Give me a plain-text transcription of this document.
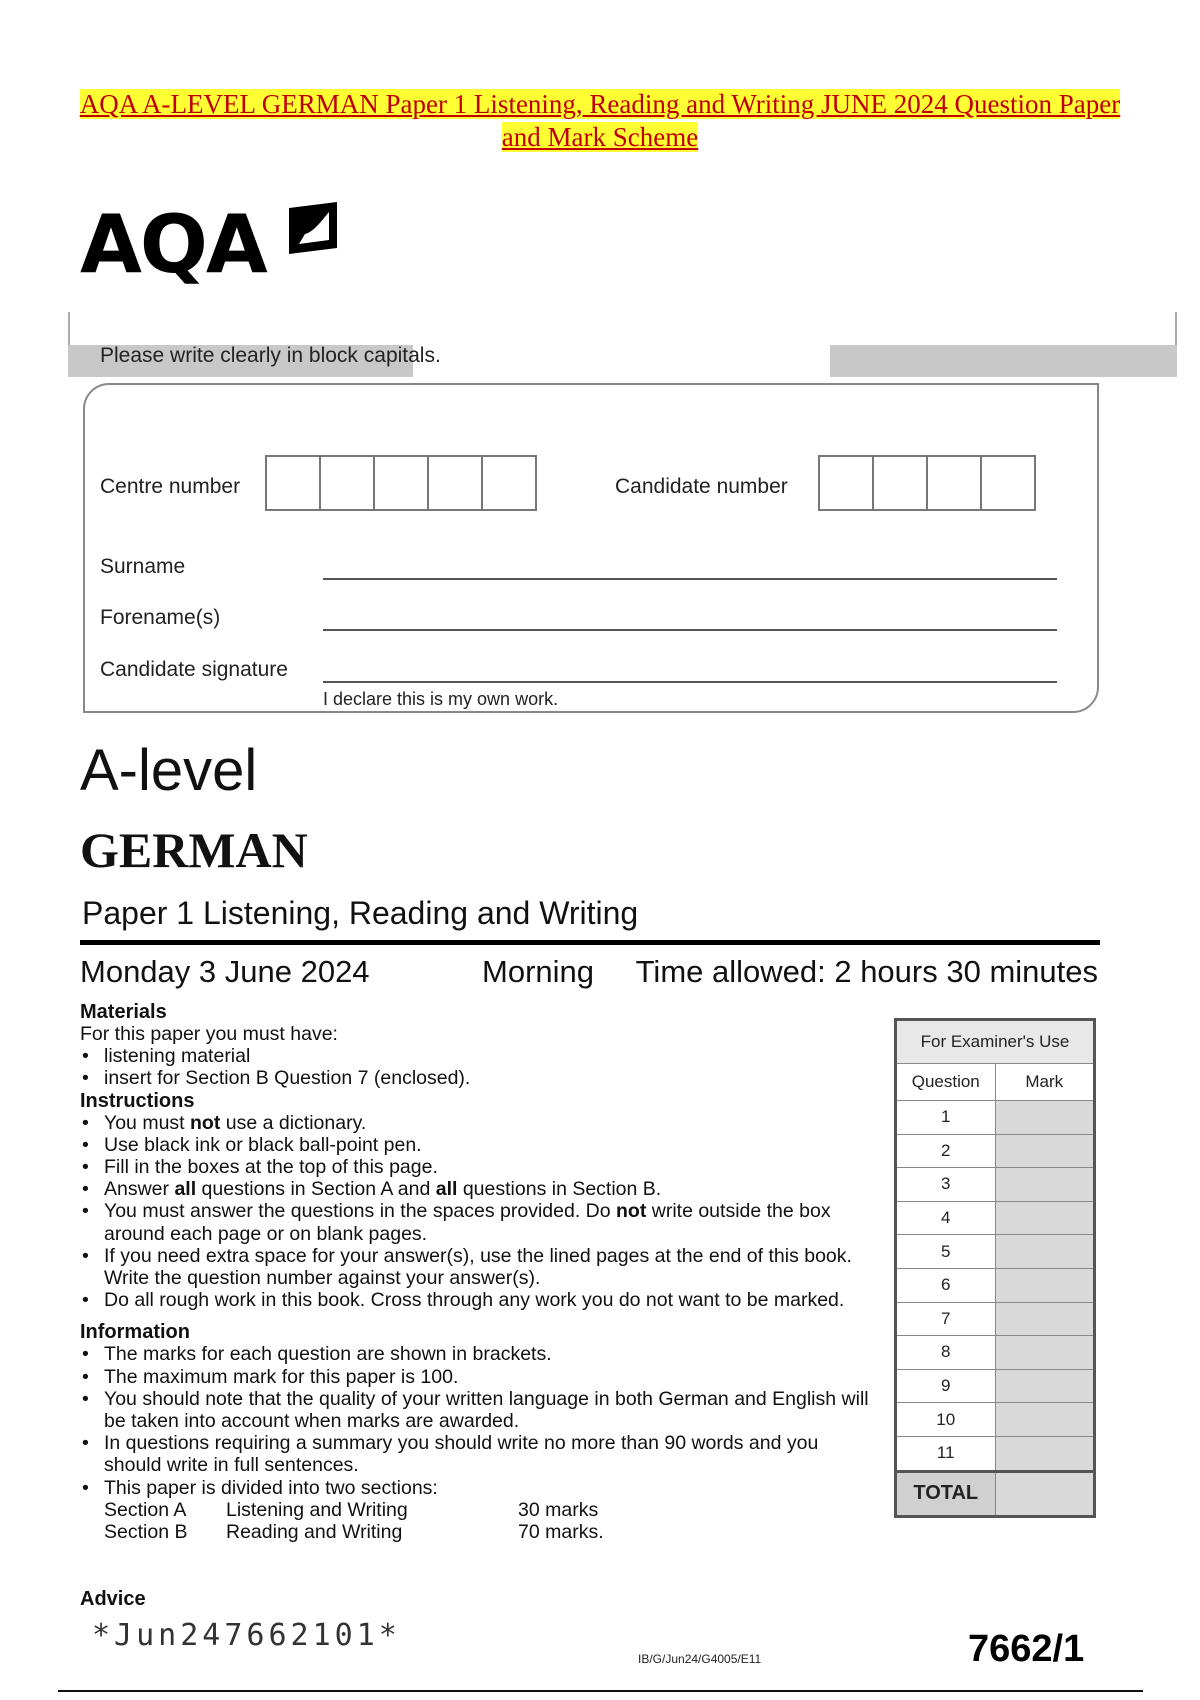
AQA A-LEVEL GERMAN Paper 1 Listening, Reading and Writing JUNE 2024 Question Paper and Mark Scheme
AQA
Please write clearly in block capitals.
Centre number	Candidate number
Surname
Forename(s)
Candidate signature
I declare this is my own work.
A-level
GERMAN
Paper 1 Listening, Reading and Writing
Monday 3 June 2024	Morning Time allowed: 2 hours 30 minutes
Materials
For this paper you must have:
• listening material
• insert for Section B Question 7 (enclosed).
Instructions
• You must not use a dictionary.
• Use black ink or black ball-point pen.
• Fill in the boxes at the top of this page.
• Answer all questions in Section A and all questions in Section B.
• You must answer the questions in the spaces provided. Do not write outside the box around each page or on blank pages.
• If you need extra space for your answer(s), use the lined pages at the end of this book. Write the question number against your answer(s).
• Do all rough work in this book. Cross through any work you do not want to be marked.
Information
• The marks for each question are shown in brackets.
• The maximum mark for this paper is 100.
• You should note that the quality of your written language in both German and English will be taken into account when marks are awarded.
• In questions requiring a summary you should write no more than 90 words and you should write in full sentences.
• This paper is divided into two sections:
Section A	Listening and Writing	30 marks
Section B	Reading and Writing	70 marks.
For Examiner's Use	
Question	Mark
1	
2	
3	
4	
5	
6	
7	
8	
9	
10	
11	
TOTAL	
Advice
*Jun247662101*
IB/G/Jun24/G4005/E11	7662/1
